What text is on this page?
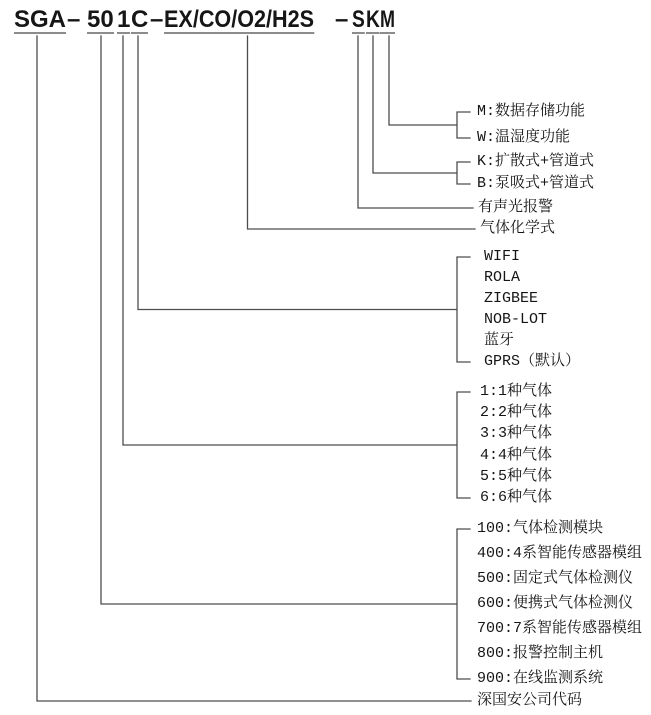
SGA – 50 1 C – EX/CO/O2/H2S – S K M
M:数据存储功能
W:温湿度功能
K:扩散式+管道式
B:泵吸式+管道式
有声光报警
气体化学式
WIFI
ROLA
ZIGBEE
NOB-LOT
蓝牙
GPRS（默认）
1:1种气体
2:2种气体
3:3种气体
4:4种气体
5:5种气体
6:6种气体
100:气体检测模块
400:4系智能传感器模组
500:固定式气体检测仪
600:便携式气体检测仪
700:7系智能传感器模组
800:报警控制主机
900:在线监测系统
深国安公司代码
